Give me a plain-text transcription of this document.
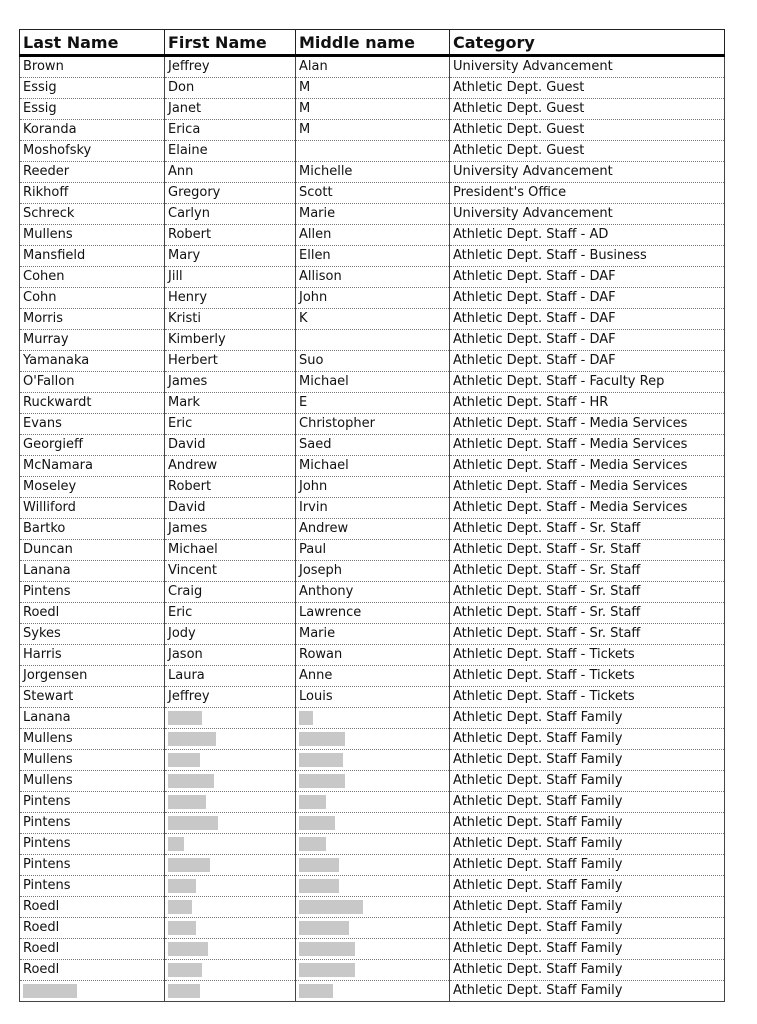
Last Name	First Name	Middle name	Category
Brown	Jeffrey	Alan	University Advancement
Essig	Don	M	Athletic Dept. Guest
Essig	Janet	M	Athletic Dept. Guest
Koranda	Erica	M	Athletic Dept. Guest
Moshofsky	Elaine		Athletic Dept. Guest
Reeder	Ann	Michelle	University Advancement
Rikhoff	Gregory	Scott	President's Office
Schreck	Carlyn	Marie	University Advancement
Mullens	Robert	Allen	Athletic Dept. Staff - AD
Mansfield	Mary	Ellen	Athletic Dept. Staff - Business
Cohen	Jill	Allison	Athletic Dept. Staff - DAF
Cohn	Henry	John	Athletic Dept. Staff - DAF
Morris	Kristi	K	Athletic Dept. Staff - DAF
Murray	Kimberly		Athletic Dept. Staff - DAF
Yamanaka	Herbert	Suo	Athletic Dept. Staff - DAF
O'Fallon	James	Michael	Athletic Dept. Staff - Faculty Rep
Ruckwardt	Mark	E	Athletic Dept. Staff - HR
Evans	Eric	Christopher	Athletic Dept. Staff - Media Services
Georgieff	David	Saed	Athletic Dept. Staff - Media Services
McNamara	Andrew	Michael	Athletic Dept. Staff - Media Services
Moseley	Robert	John	Athletic Dept. Staff - Media Services
Williford	David	Irvin	Athletic Dept. Staff - Media Services
Bartko	James	Andrew	Athletic Dept. Staff - Sr. Staff
Duncan	Michael	Paul	Athletic Dept. Staff - Sr. Staff
Lanana	Vincent	Joseph	Athletic Dept. Staff - Sr. Staff
Pintens	Craig	Anthony	Athletic Dept. Staff - Sr. Staff
Roedl	Eric	Lawrence	Athletic Dept. Staff - Sr. Staff
Sykes	Jody	Marie	Athletic Dept. Staff - Sr. Staff
Harris	Jason	Rowan	Athletic Dept. Staff - Tickets
Jorgensen	Laura	Anne	Athletic Dept. Staff - Tickets
Stewart	Jeffrey	Louis	Athletic Dept. Staff - Tickets
Lanana			Athletic Dept. Staff Family
Mullens			Athletic Dept. Staff Family
Mullens			Athletic Dept. Staff Family
Mullens			Athletic Dept. Staff Family
Pintens			Athletic Dept. Staff Family
Pintens			Athletic Dept. Staff Family
Pintens			Athletic Dept. Staff Family
Pintens			Athletic Dept. Staff Family
Pintens			Athletic Dept. Staff Family
Roedl			Athletic Dept. Staff Family
Roedl			Athletic Dept. Staff Family
Roedl			Athletic Dept. Staff Family
Roedl			Athletic Dept. Staff Family
			Athletic Dept. Staff Family
